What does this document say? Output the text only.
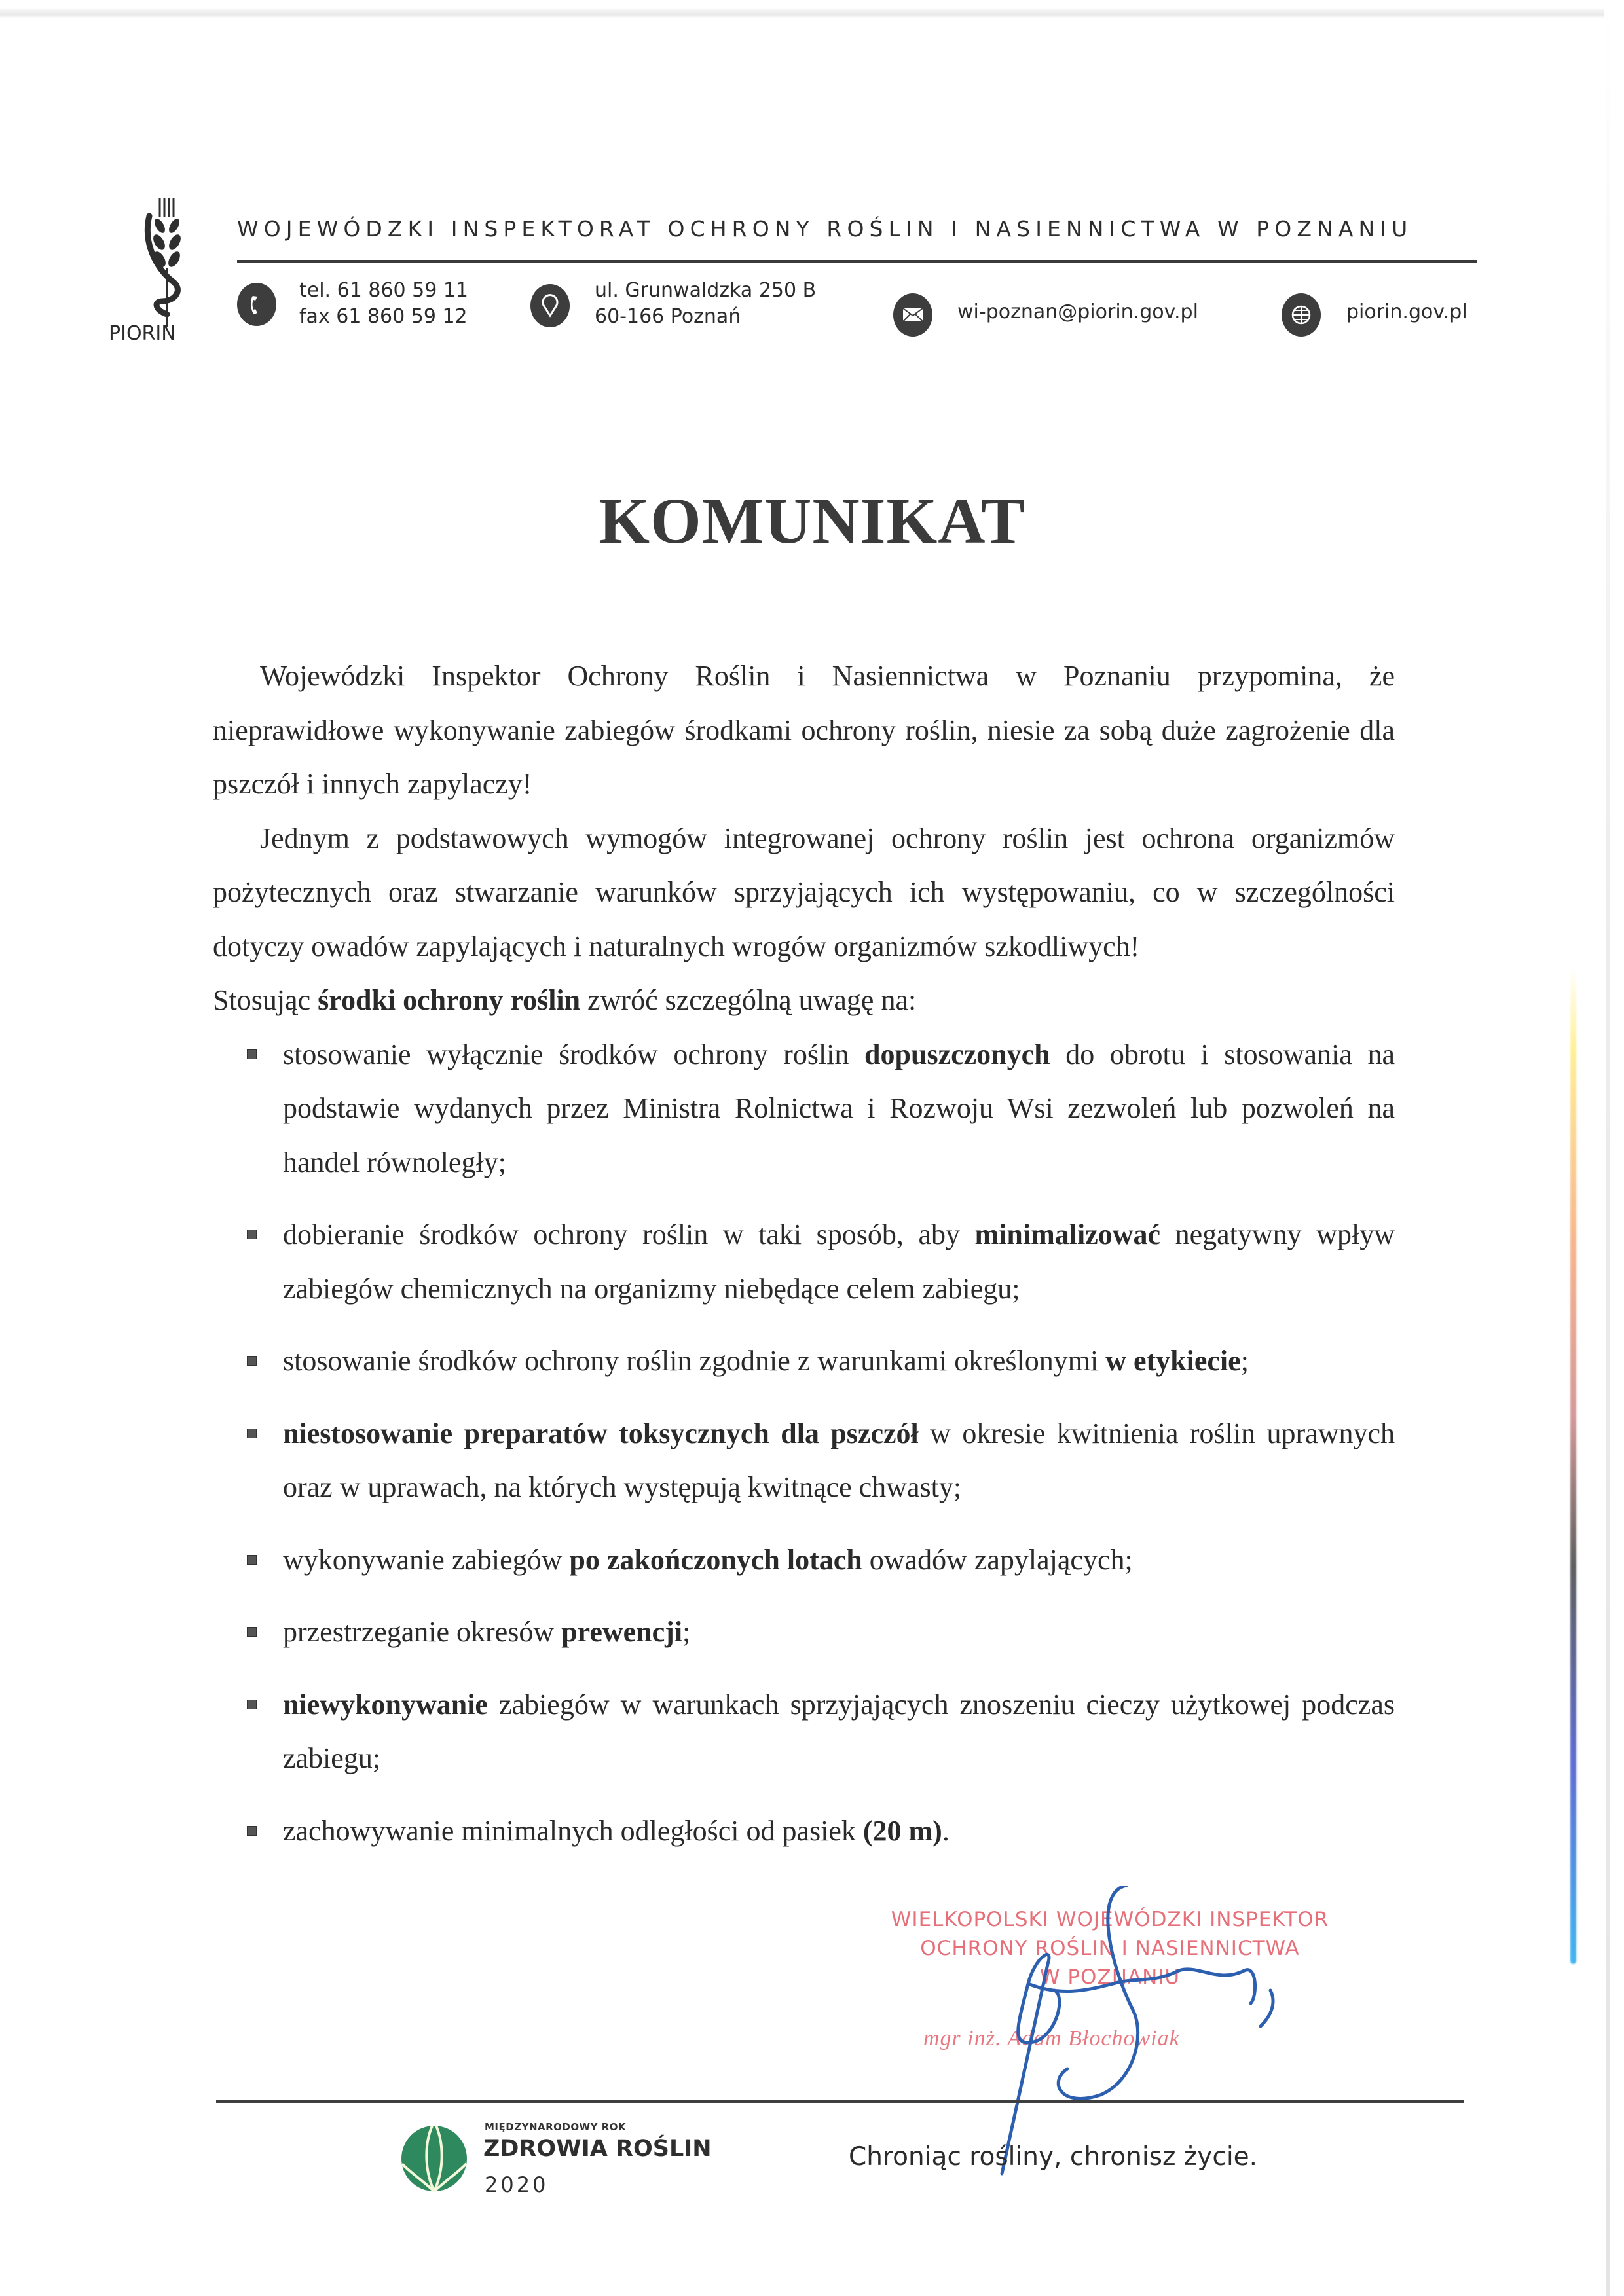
PIORIN
WOJEWÓDZKI INSPEKTORAT OCHRONY ROŚLIN I NASIENNICTWA W POZNANIU
tel. 61 860 59 11
fax 61 860 59 12
ul. Grunwaldzka 250 B
60-166 Poznań	wi-poznan@piorin.gov.pl	piorin.gov.pl
KOMUNIKAT

Wojewódzki Inspektor Ochrony Roślin i Nasiennictwa w Poznaniu przypomina, że nieprawidłowe wykonywanie zabiegów środkami ochrony roślin, niesie za sobą duże zagrożenie dla pszczół i innych zapylaczy!

Jednym z podstawowych wymogów integrowanej ochrony roślin jest ochrona organizmów pożytecznych oraz stwarzanie warunków sprzyjających ich występowaniu, co w szczególności dotyczy owadów zapylających i naturalnych wrogów organizmów szkodliwych!

Stosując środki ochrony roślin zwróć szczególną uwagę na:

stosowanie wyłącznie środków ochrony roślin dopuszczonych do obrotu i stosowania na podstawie wydanych przez Ministra Rolnictwa i Rozwoju Wsi zezwoleń lub pozwoleń na handel równoległy;
dobieranie środków ochrony roślin w taki sposób, aby minimalizować negatywny wpływ zabiegów chemicznych na organizmy niebędące celem zabiegu;
stosowanie środków ochrony roślin zgodnie z warunkami określonymi w etykiecie;
niestosowanie preparatów toksycznych dla pszczół w okresie kwitnienia roślin uprawnych oraz w uprawach, na których występują kwitnące chwasty;
wykonywanie zabiegów po zakończonych lotach owadów zapylających;
przestrzeganie okresów prewencji;
niewykonywanie zabiegów w warunkach sprzyjających znoszeniu cieczy użytkowej podczas zabiegu;
zachowywanie minimalnych odległości od pasiek (20 m).
WIELKOPOLSKI WOJEWÓDZKI INSPEKTOR
OCHRONY ROŚLIN I NASIENNICTWA
W POZNANIU
mgr inż. Adam Błochowiak
MIĘDZYNARODOWY ROK
ZDROWIA ROŚLIN
2020
Chroniąc rośliny, chronisz życie.
